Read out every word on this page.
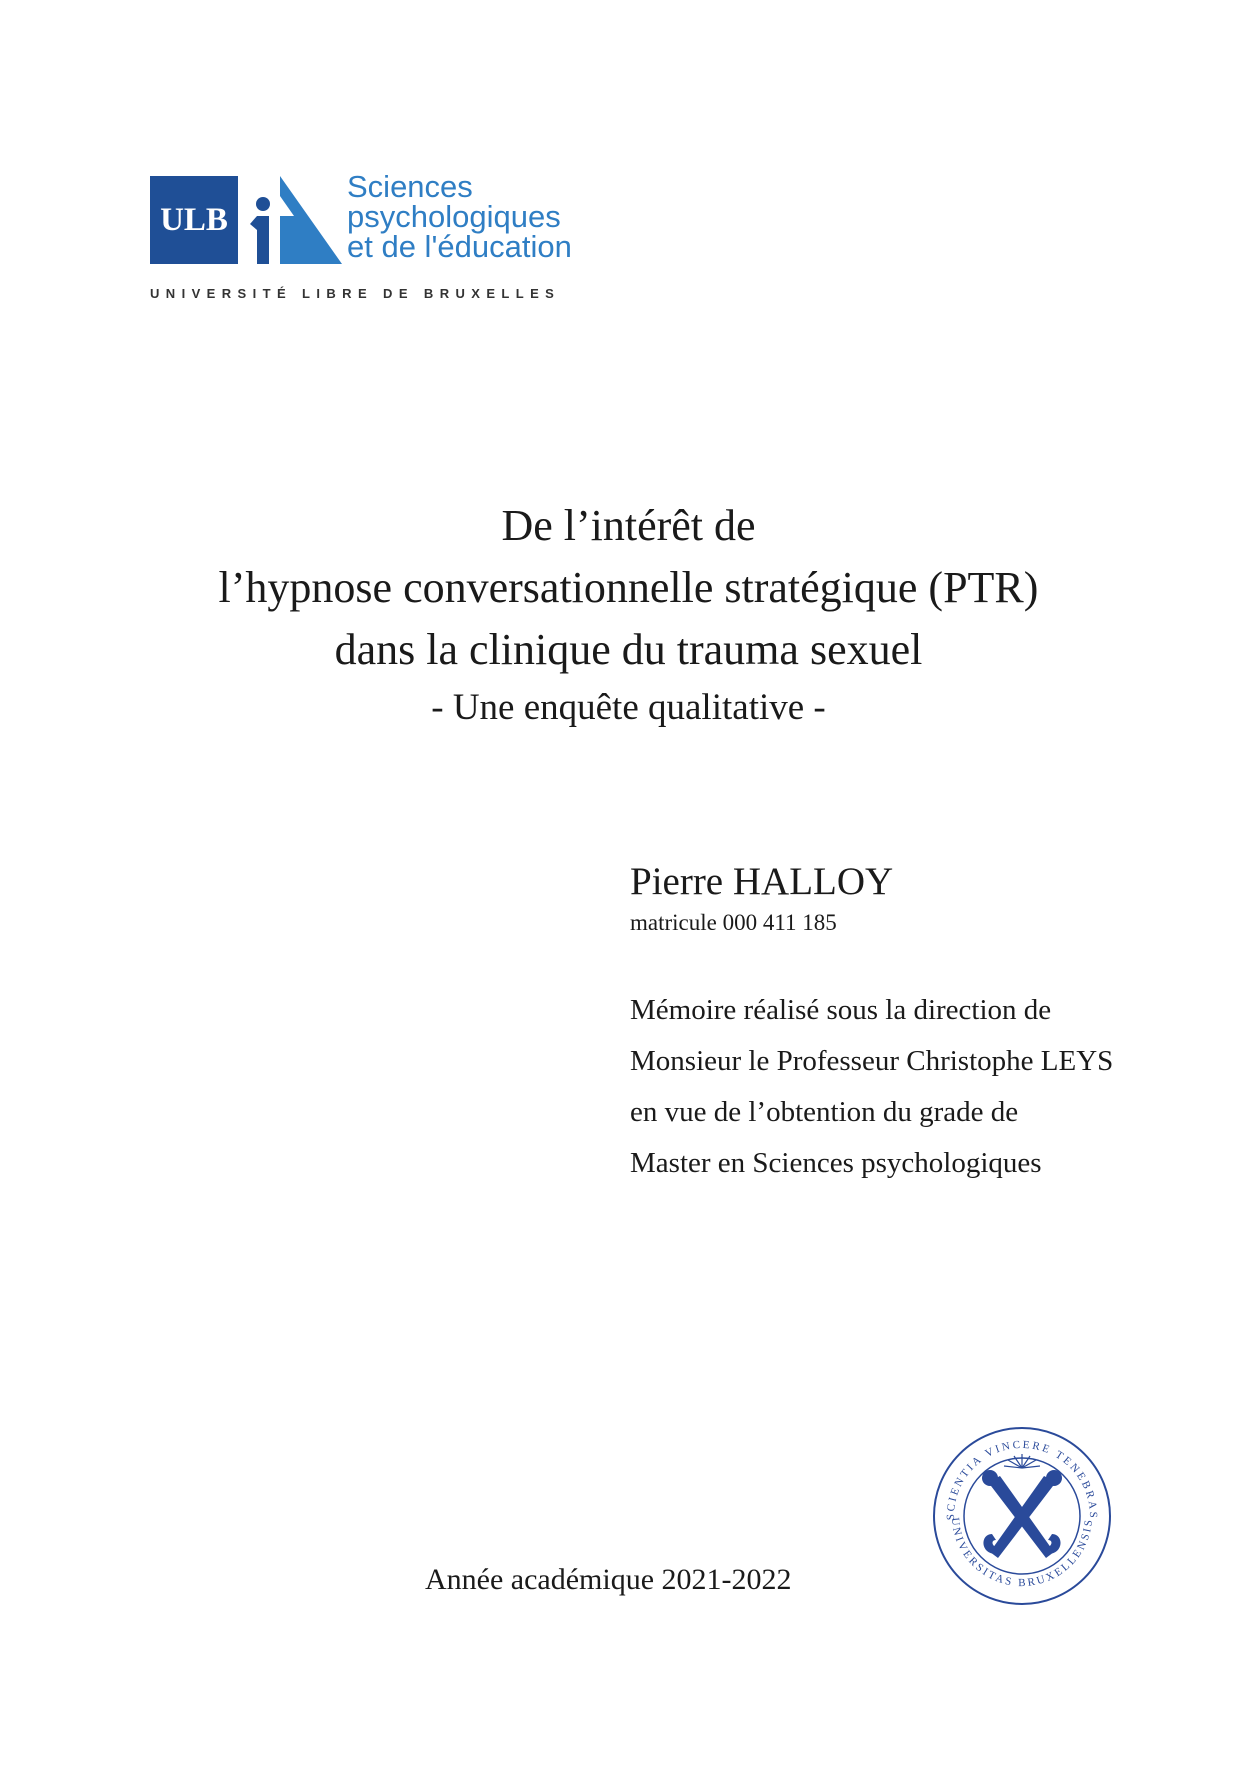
ULB
Sciences
psychologiques
et de l'éducation
UNIVERSITÉ LIBRE DE BRUXELLES
De l’intérêt de
l’hypnose conversationnelle stratégique (PTR)
dans la clinique du trauma sexuel
- Une enquête qualitative -
Pierre HALLOY
matricule 000 411 185
Mémoire réalisé sous la direction de
Monsieur le Professeur Christophe LEYS
en vue de l’obtention du grade de
Master en Sciences psychologiques
Année académique 2021-2022
SCIENTIA VINCERE TENEBRAS
UNIVERSITAS BRUXELLENSIS
